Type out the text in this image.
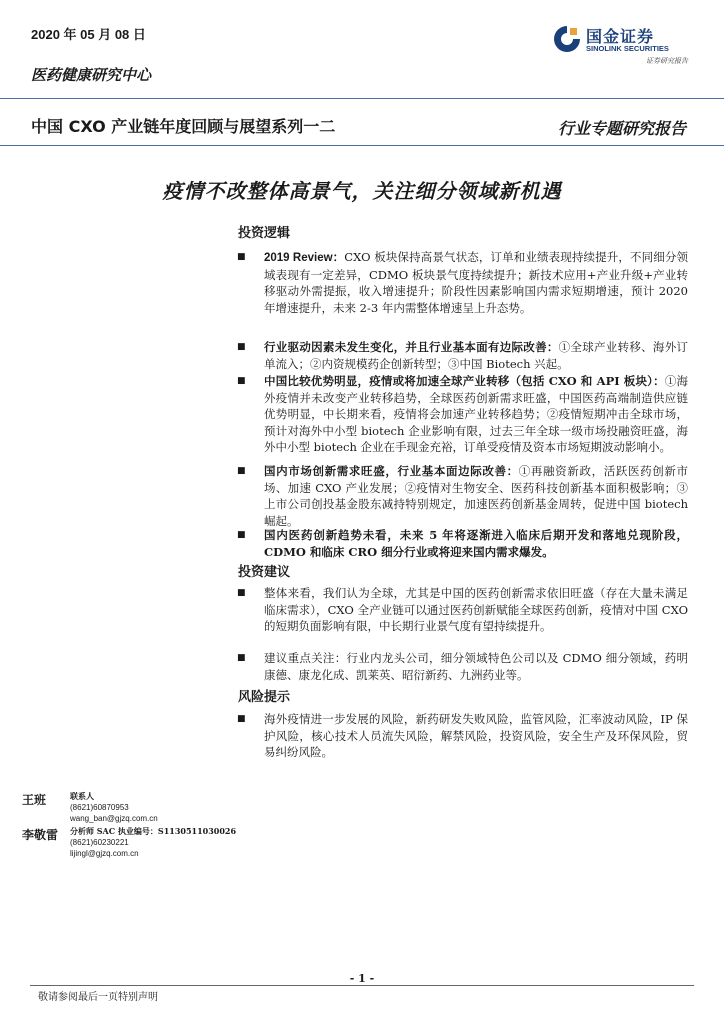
2020 年 05 月 08 日	国金证券
SINOLINK SECURITIES
证券研究报告
医药健康研究中心
中国 CXO 产业链年度回顾与展望系列一二	行业专题研究报告
疫情不改整体高景气，关注细分领域新机遇
投资逻辑
■ 2019 Review：CXO 板块保持高景气状态，订单和业绩表现持续提升，不同细分领域表现有一定差异，CDMO 板块景气度持续提升；新技术应用+产业升级+产业转移驱动外需提振，收入增速提升；阶段性因素影响国内需求短期增速，预计 2020 年增速提升，未来 2-3 年内需整体增速呈上升态势。
■ 行业驱动因素未发生变化，并且行业基本面有边际改善：①全球产业转移、海外订单流入；②内资规模药企创新转型；③中国 Biotech 兴起。
■ 中国比较优势明显，疫情或将加速全球产业转移（包括 CXO 和 API 板块）：①海外疫情并未改变产业转移趋势，全球医药创新需求旺盛，中国医药高端制造供应链优势明显，中长期来看，疫情将会加速产业转移趋势；②疫情短期冲击全球市场，预计对海外中小型 biotech 企业影响有限，过去三年全球一级市场投融资旺盛，海外中小型 biotech 企业在手现金充裕，订单受疫情及资本市场短期波动影响小。
■ 国内市场创新需求旺盛，行业基本面边际改善：①再融资新政，活跃医药创新市场、加速 CXO 产业发展；②疫情对生物安全、医药科技创新基本面积极影响；③上市公司创投基金股东减持特别规定，加速医药创新基金周转，促进中国 biotech 崛起。
■ 国内医药创新趋势未看，未来 5 年将逐渐进入临床后期开发和落地兑现阶段，CDMO 和临床 CRO 细分行业或将迎来国内需求爆发。
投资建议
■ 整体来看，我们认为全球，尤其是中国的医药创新需求依旧旺盛（存在大量未满足临床需求），CXO 全产业链可以通过医药创新赋能全球医药创新，疫情对中国 CXO 的短期负面影响有限，中长期行业景气度有望持续提升。
■ 建议重点关注：行业内龙头公司，细分领域特色公司以及 CDMO 细分领域，药明康德、康龙化成、凯莱英、昭衍新药、九洲药业等。
风险提示
■ 海外疫情进一步发展的风险，新药研发失败风险，监管风险，汇率波动风险，IP 保护风险，核心技术人员流失风险，解禁风险，投资风险，安全生产及环保风险，贸易纠纷风险。
王班	联系人
(8621)60870953
wang_ban@gjzq.com.cn
李敬雷 分析师 SAC 执业编号：S1130511030026
(8621)60230221
lijingl@gjzq.com.cn
- 1 -
敬请参阅最后一页特别声明
